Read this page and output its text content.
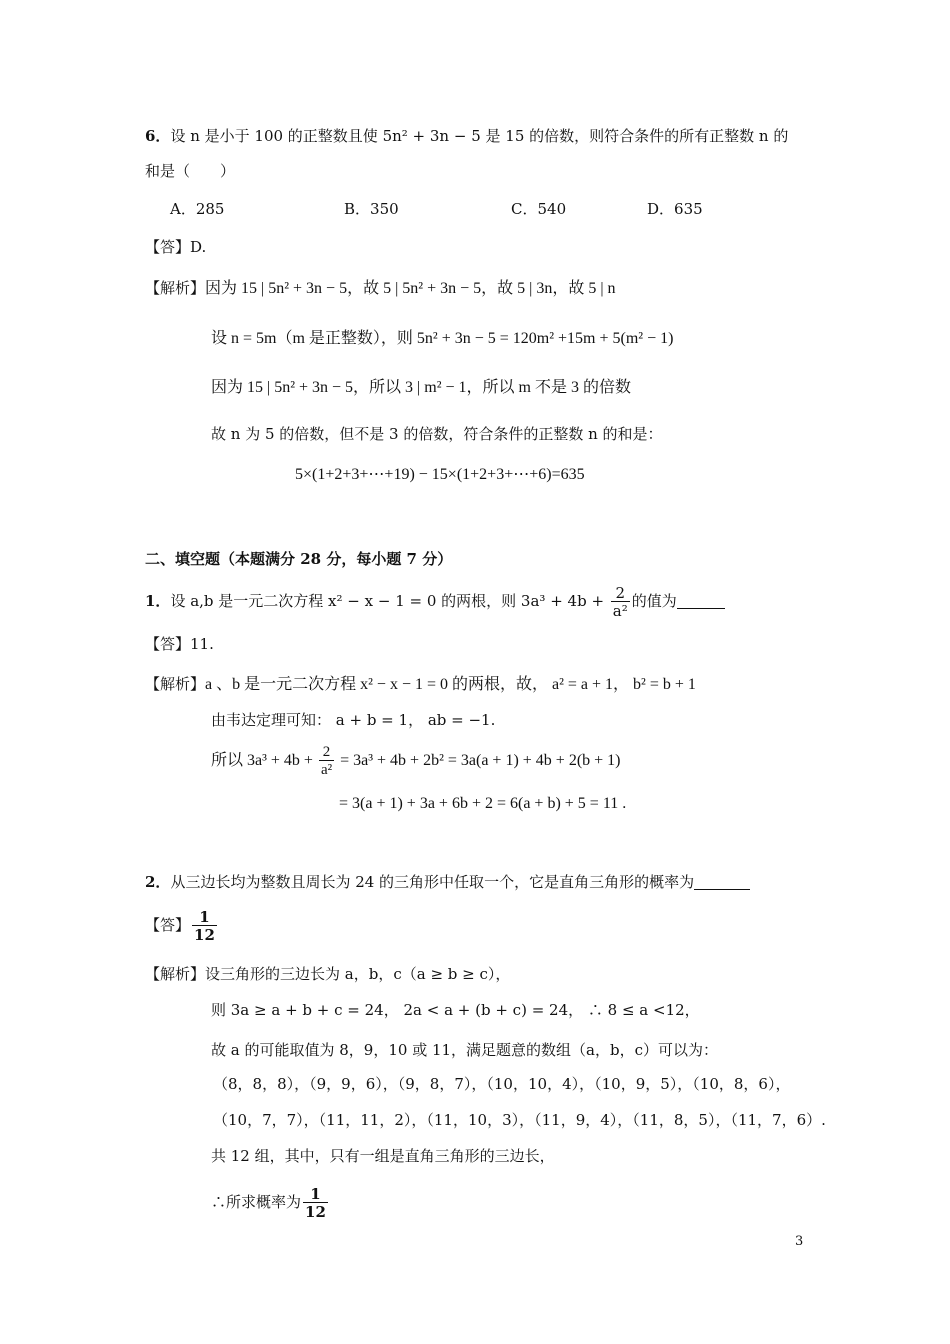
6．设 n 是小于 100 的正整数且使 5n² + 3n − 5 是 15 的倍数，则符合条件的所有正整数 n 的
和是（　　）
A．285	B．350	C．540	D．635
【答】D.
【解析】因为 15 | 5n² + 3n − 5，故 5 | 5n² + 3n − 5，故 5 | 3n，故 5 | n
设 n = 5m（m 是正整数），则 5n² + 3n − 5 = 120m² +15m + 5(m² − 1)
因为 15 | 5n² + 3n − 5，所以 3 | m² − 1，所以 m 不是 3 的倍数
故 n 为 5 的倍数，但不是 3 的倍数，符合条件的正整数 n 的和是：
5×(1+2+3+⋯+19) − 15×(1+2+3+⋯+6)=635
二、填空题（本题满分 28 分，每小题 7 分）
1．设 a,b 是一元二次方程 x² − x − 1 = 0 的两根，则 $3a^3 + 4b + \frac{2}{\text{a²}}$ 的值为
【答】11.
【解析】a 、b 是一元二次方程 x² − x − 1 = 0 的两根，故， a² = a + 1， b² = b + 1
由韦达定理可知： a + b = 1， ab = −1.
所以 $3a^3 + 4b + \frac{2}{\text{a²}} = 3a^3 + 4b + 2b^2 = 3a(a + 1) + 4b + 2(b + 1)$
= 3(a + 1) + 3a + 6b + 2 = 6(a + b) + 5 = 11 .
2．从三边长均为整数且周长为 24 的三角形中任取一个，它是直角三角形的概率为
【答】 $\frac{1}{12}$
【解析】设三角形的三边长为 a，b，c（a ≥ b ≥ c），
则 3a ≥ a + b + c = 24， 2a < a + (b + c) = 24， ∴ 8 ≤ a <12，
故 a 的可能取值为 8，9，10 或 11，满足题意的数组（a，b，c）可以为：
（8，8，8），（9，9，6），（9，8，7），（10，10，4），（10，9，5），（10，8，6），
（10，7，7），（11，11，2），（11，10，3），（11，9，4），（11，8，5），（11，7，6）.
共 12 组，其中，只有一组是直角三角形的三边长，
∴所求概率为 $\frac{1}{12}$
3
